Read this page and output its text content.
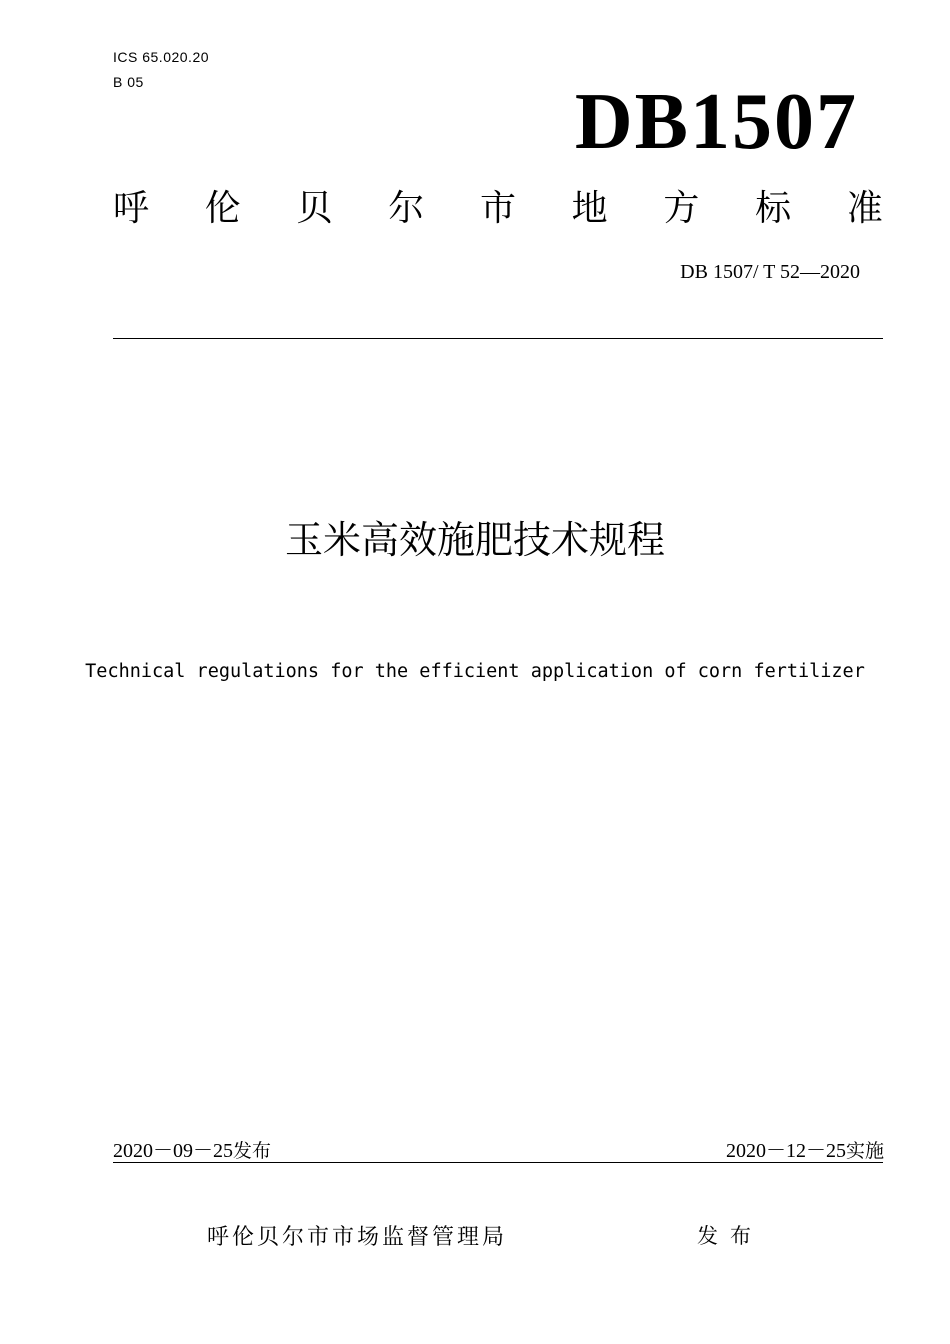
ICS 65.020.20
B 05	DB1507
呼 伦 贝 尔 市 地 方 标 准
DB 1507/ T 52—2020
玉米高效施肥技术规程
Technical regulations for the efficient application of corn fertilizer
2020－09－25发布	2020－12－25实施
呼伦贝尔市市场监督管理局	发布
